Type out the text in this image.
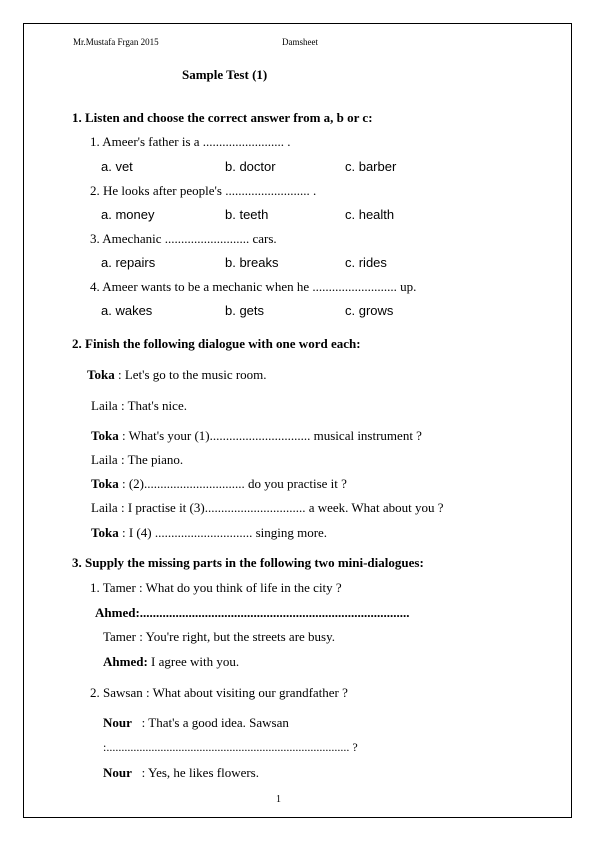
Mr.Mustafa Frgan 2015	Damsheet
Sample Test (1)
1. Listen and choose the correct answer from a, b or c:
1. Ameer's father is a ......................... .
a. vet	b. doctor	c. barber
2. He looks after people's .......................... .
a. money	b. teeth	c. health
3. Amechanic .......................... cars.
a. repairs	b. breaks	c. rides
4. Ameer wants to be a mechanic when he .......................... up.
a. wakes	b. gets	c. grows
2. Finish the following dialogue with one word each:
Toka : Let's go to the music room.
Laila : That's nice.
Toka : What's your (1)............................... musical instrument ?
Laila : The piano.
Toka : (2)............................... do you practise it ?
Laila : I practise it (3)............................... a week. What about you ?
Toka : I (4) .............................. singing more.
3. Supply the missing parts in the following two mini-dialogues:
1. Tamer : What do you think of life in the city ?
Ahmed:...................................................................................
Tamer : You're right, but the streets are busy.
Ahmed: I agree with you.
2. Sawsan : What about visiting our grandfather ?
Nour   : That's a good idea. Sawsan
:................................................................................. ?
Nour   : Yes, he likes flowers.
1
